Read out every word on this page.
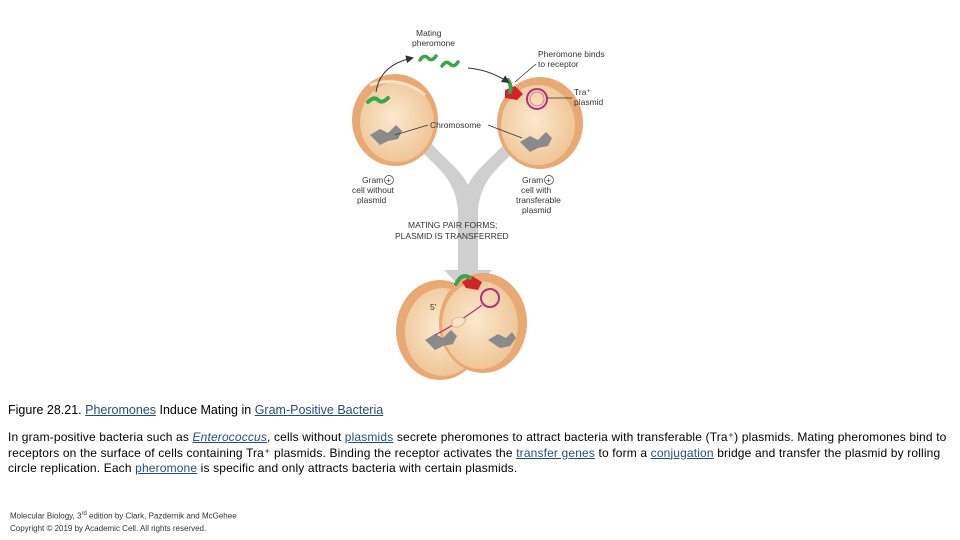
Mating
pheromone
Pheromone binds
to receptor
Tra⁺
plasmid
Chromosome
Gram +
cell without
plasmid
Gram +
cell with
transferable
plasmid
MATING PAIR FORMS;
PLASMID IS TRANSFERRED
5'
Figure 28.21. Pheromones Induce Mating in Gram-Positive Bacteria
In gram-positive bacteria such as Enterococcus, cells without plasmids secrete pheromones to attract bacteria with transferable (Tra⁺) plasmids. Mating pheromones bind to receptors on the surface of cells containing Tra⁺ plasmids. Binding the receptor activates the transfer genes to form a conjugation bridge and transfer the plasmid by rolling circle replication. Each pheromone is specific and only attracts bacteria with certain plasmids.
Molecular Biology, 3rd edition by Clark, Pazdernik and McGehee
Copyright © 2019 by Academic Cell. All rights reserved.
